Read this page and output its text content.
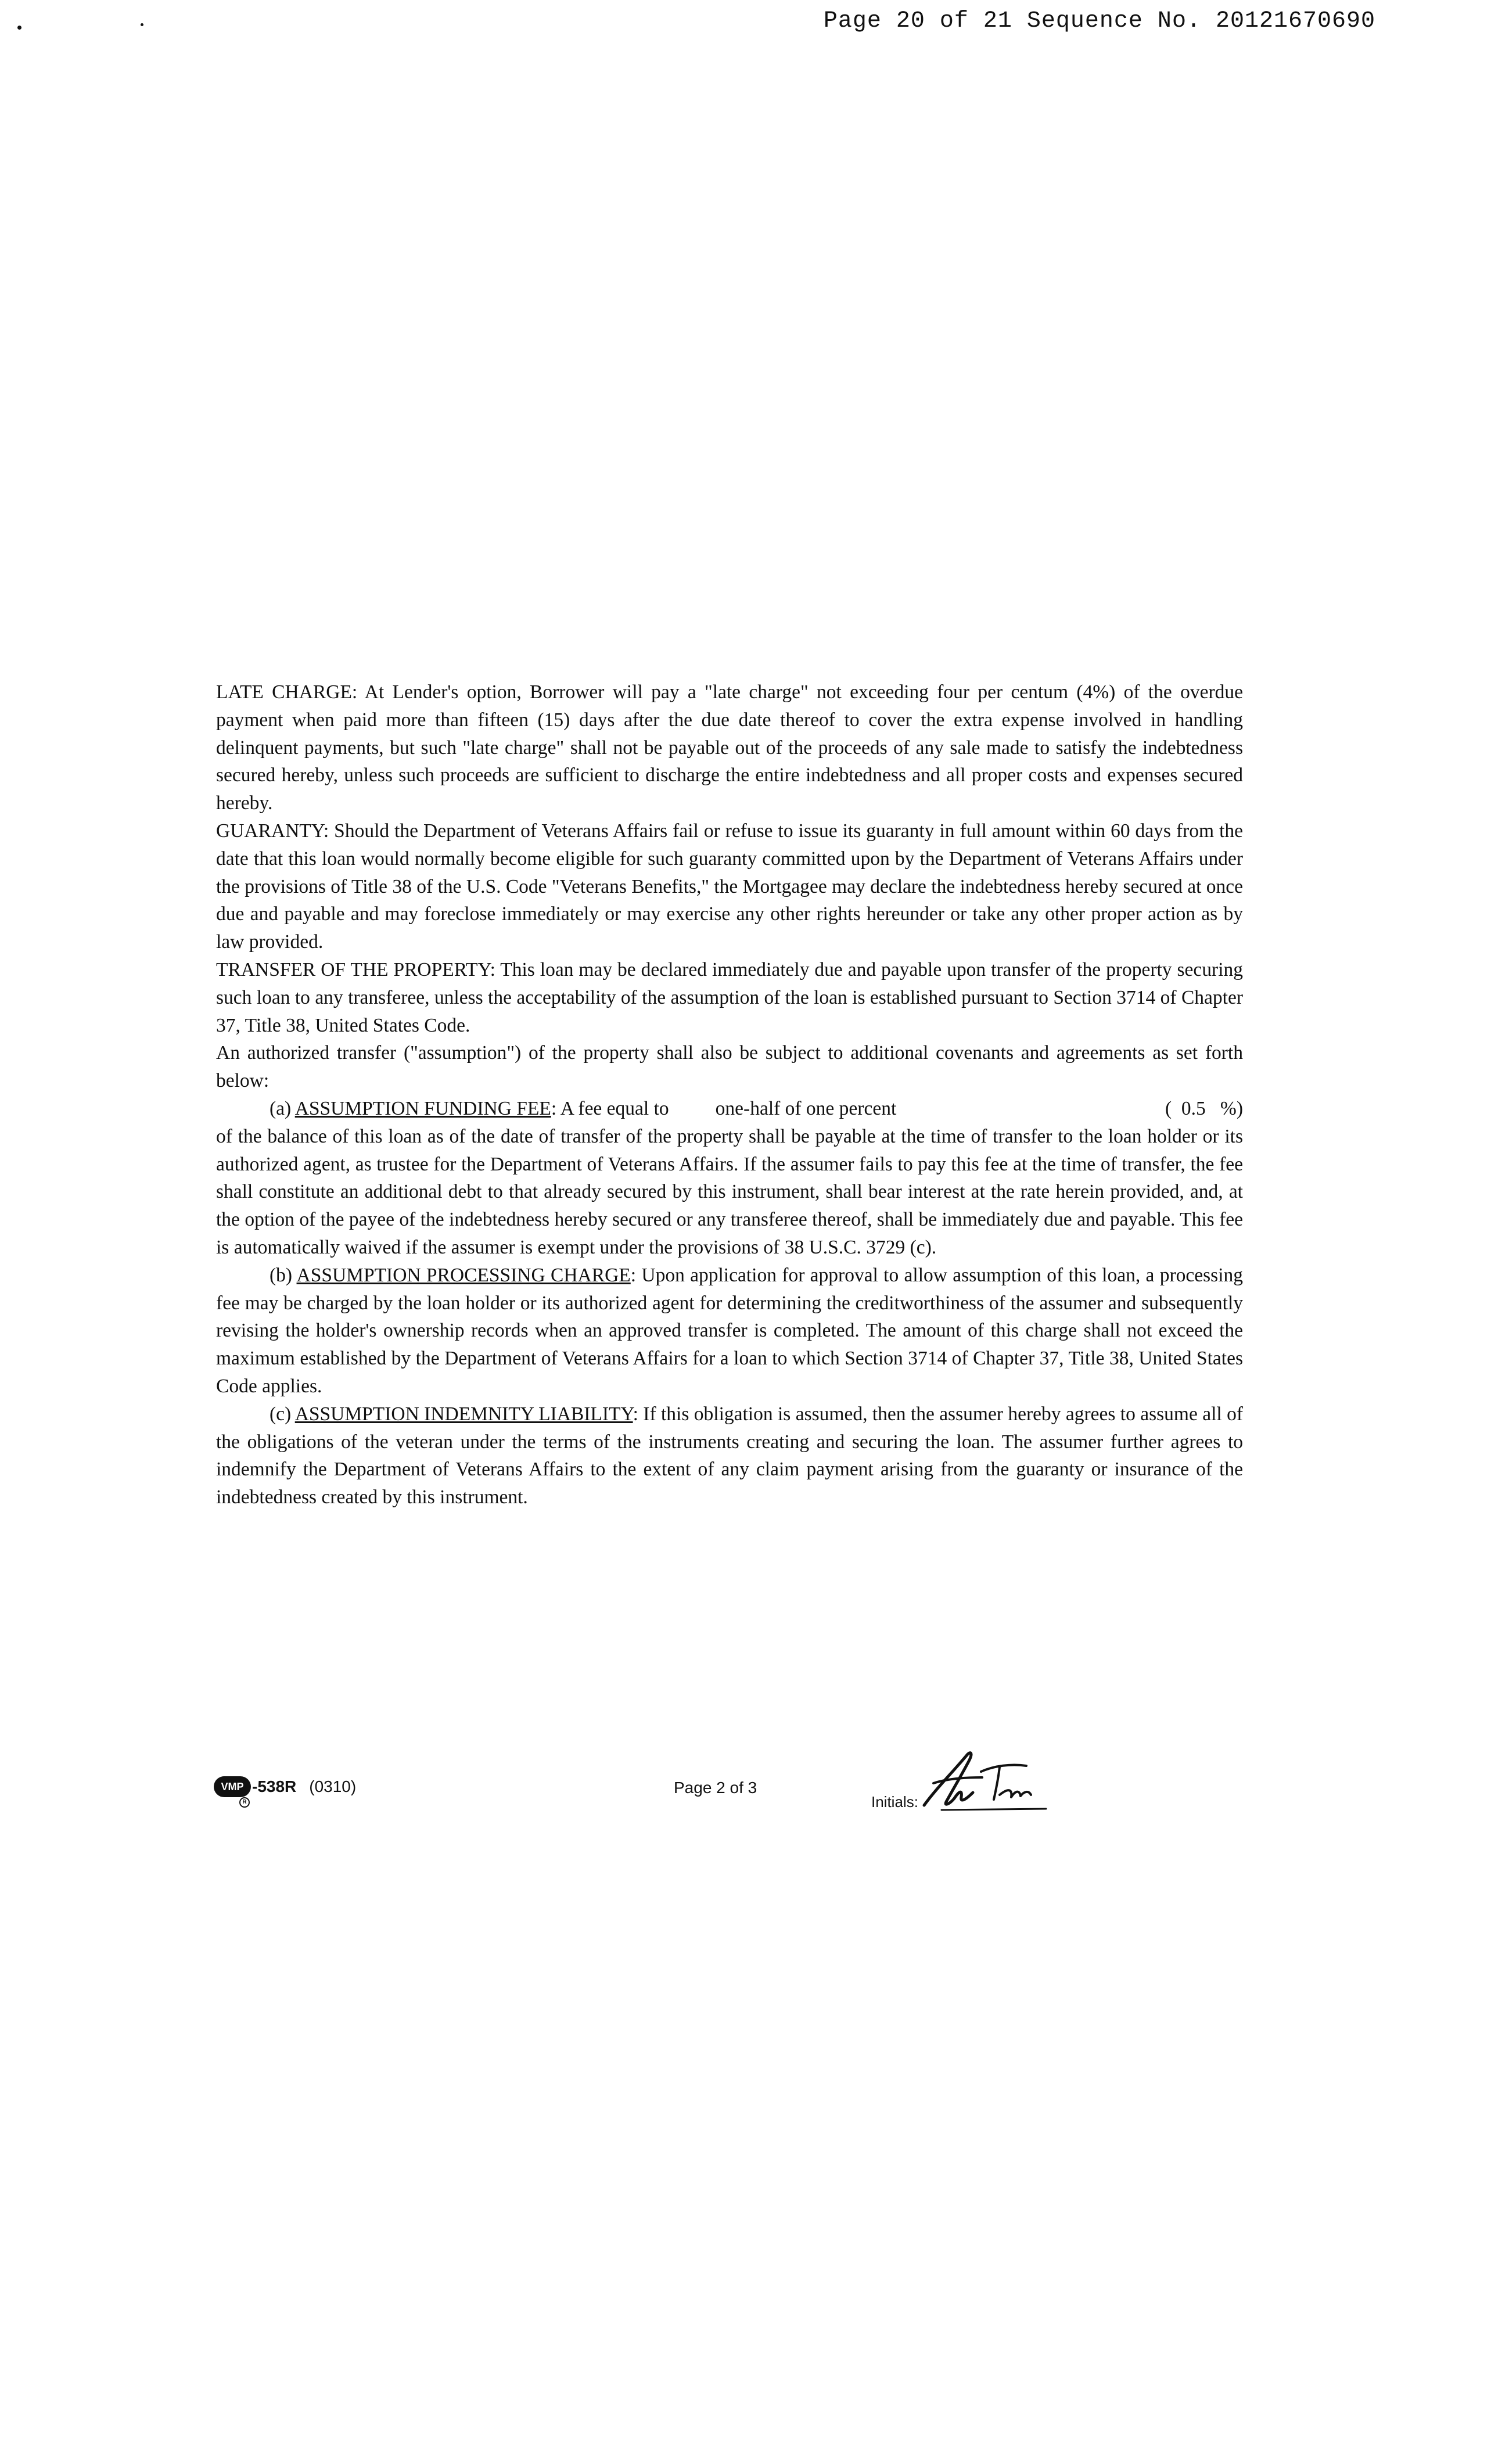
Page 20 of 21 Sequence No. 20121670690

LATE CHARGE: At Lender's option, Borrower will pay a "late charge" not exceeding four per centum (4%) of the overdue payment when paid more than fifteen (15) days after the due date thereof to cover the extra expense involved in handling delinquent payments, but such "late charge" shall not be payable out of the proceeds of any sale made to satisfy the indebtedness secured hereby, unless such proceeds are sufficient to discharge the entire indebtedness and all proper costs and expenses secured hereby.

GUARANTY: Should the Department of Veterans Affairs fail or refuse to issue its guaranty in full amount within 60 days from the date that this loan would normally become eligible for such guaranty committed upon by the Department of Veterans Affairs under the provisions of Title 38 of the U.S. Code "Veterans Benefits," the Mortgagee may declare the indebtedness hereby secured at once due and payable and may foreclose immediately or may exercise any other rights hereunder or take any other proper action as by law provided.

TRANSFER OF THE PROPERTY: This loan may be declared immediately due and payable upon transfer of the property securing such loan to any transferee, unless the acceptability of the assumption of the loan is established pursuant to Section 3714 of Chapter 37, Title 38, United States Code.

An authorized transfer ("assumption") of the property shall also be subject to additional covenants and agreements as set forth below:

(a) ASSUMPTION FUNDING FEE: A fee equal to one-half of one percent	(  0.5   %)

of the balance of this loan as of the date of transfer of the property shall be payable at the time of transfer to the loan holder or its authorized agent, as trustee for the Department of Veterans Affairs. If the assumer fails to pay this fee at the time of transfer, the fee shall constitute an additional debt to that already secured by this instrument, shall bear interest at the rate herein provided, and, at the option of the payee of the indebtedness hereby secured or any transferee thereof, shall be immediately due and payable. This fee is automatically waived if the assumer is exempt under the provisions of 38 U.S.C. 3729 (c).

(b) ASSUMPTION PROCESSING CHARGE: Upon application for approval to allow assumption of this loan, a processing fee may be charged by the loan holder or its authorized agent for determining the creditworthiness of the assumer and subsequently revising the holder's ownership records when an approved transfer is completed. The amount of this charge shall not exceed the maximum established by the Department of Veterans Affairs for a loan to which Section 3714 of Chapter 37, Title 38, United States Code applies.

(c) ASSUMPTION INDEMNITY LIABILITY: If this obligation is assumed, then the assumer hereby agrees to assume all of the obligations of the veteran under the terms of the instruments creating and securing the loan. The assumer further agrees to indemnify the Department of Veterans Affairs to the extent of any claim payment arising from the guaranty or insurance of the indebtedness created by this instrument.

VMP
R
-538R (0310)	Page 2 of 3
Initials:
